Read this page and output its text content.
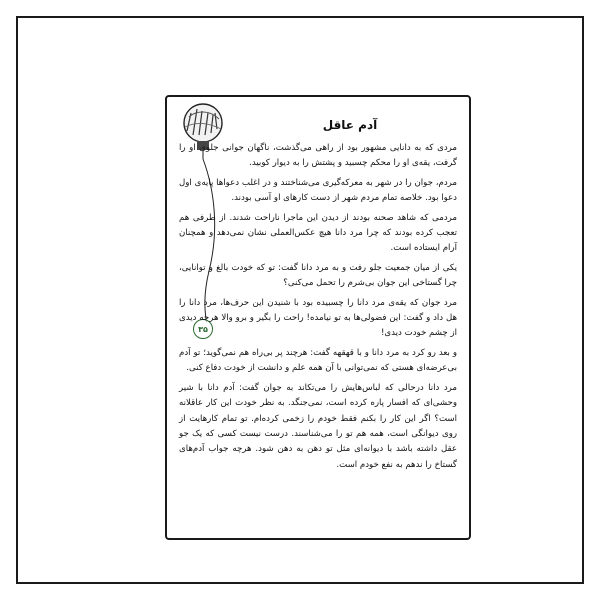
۳۵
آدم عاقل

مردی که به دانایی مشهور بود از راهی می‌گذشت، ناگهان جوانی جلوی او را گرفت، یقه‌ی او را محکم چسبید و پشتش را به دیوار کوبید.

مردم، جوان را در شهر به معرکه‌گیری می‌شناختند و در اغلب دعواها پایه‌ی اول دعوا بود. خلاصه تمام مردم شهر از دست کارهای او آسی بودند.

مردمی که شاهد صحنه بودند از دیدن این ماجرا ناراحت شدند. از طرفی هم تعجب کرده بودند که چرا مرد دانا هیچ عکس‌العملی نشان نمی‌دهد و همچنان آرام ایستاده است.

یکی از میان جمعیت جلو رفت و به مرد دانا گفت: تو که خودت بالغ و توانایی، چرا گستاخی این جوان بی‌شرم را تحمل می‌کنی؟

مرد جوان که یقه‌ی مرد دانا را چسبیده بود با شنیدن این حرف‌ها، مرد دانا را هل داد و گفت: این فضولی‌ها به تو نیامده! راحت را بگیر و برو والا هرچه دیدی از چشم خودت دیدی!

و بعد رو کرد به مرد دانا و با قهقهه گفت: هرچند پر بی‌راه هم نمی‌گوید؛ تو آدم بی‌عرضه‌ای هستی که نمی‌توانی با آن همه علم و دانشت از خودت دفاع کنی.

مرد دانا درحالی که لباس‌هایش را می‌تکاند به جوان گفت: آدم دانا با شیر وحشی‌ای که افسار پاره کرده است، نمی‌جنگد. به نظر خودت این کار عاقلانه است؟ اگر این کار را بکنم فقط خودم را زخمی کرده‌ام. تو تمام کارهایت از روی دیوانگی است، همه هم تو را می‌شناسند. درست نیست کسی که یک جو عقل داشته باشد با دیوانه‌ای مثل تو دهن به دهن شود. هرچه جواب آدم‌های گستاخ را ندهم به نفع خودم است.
